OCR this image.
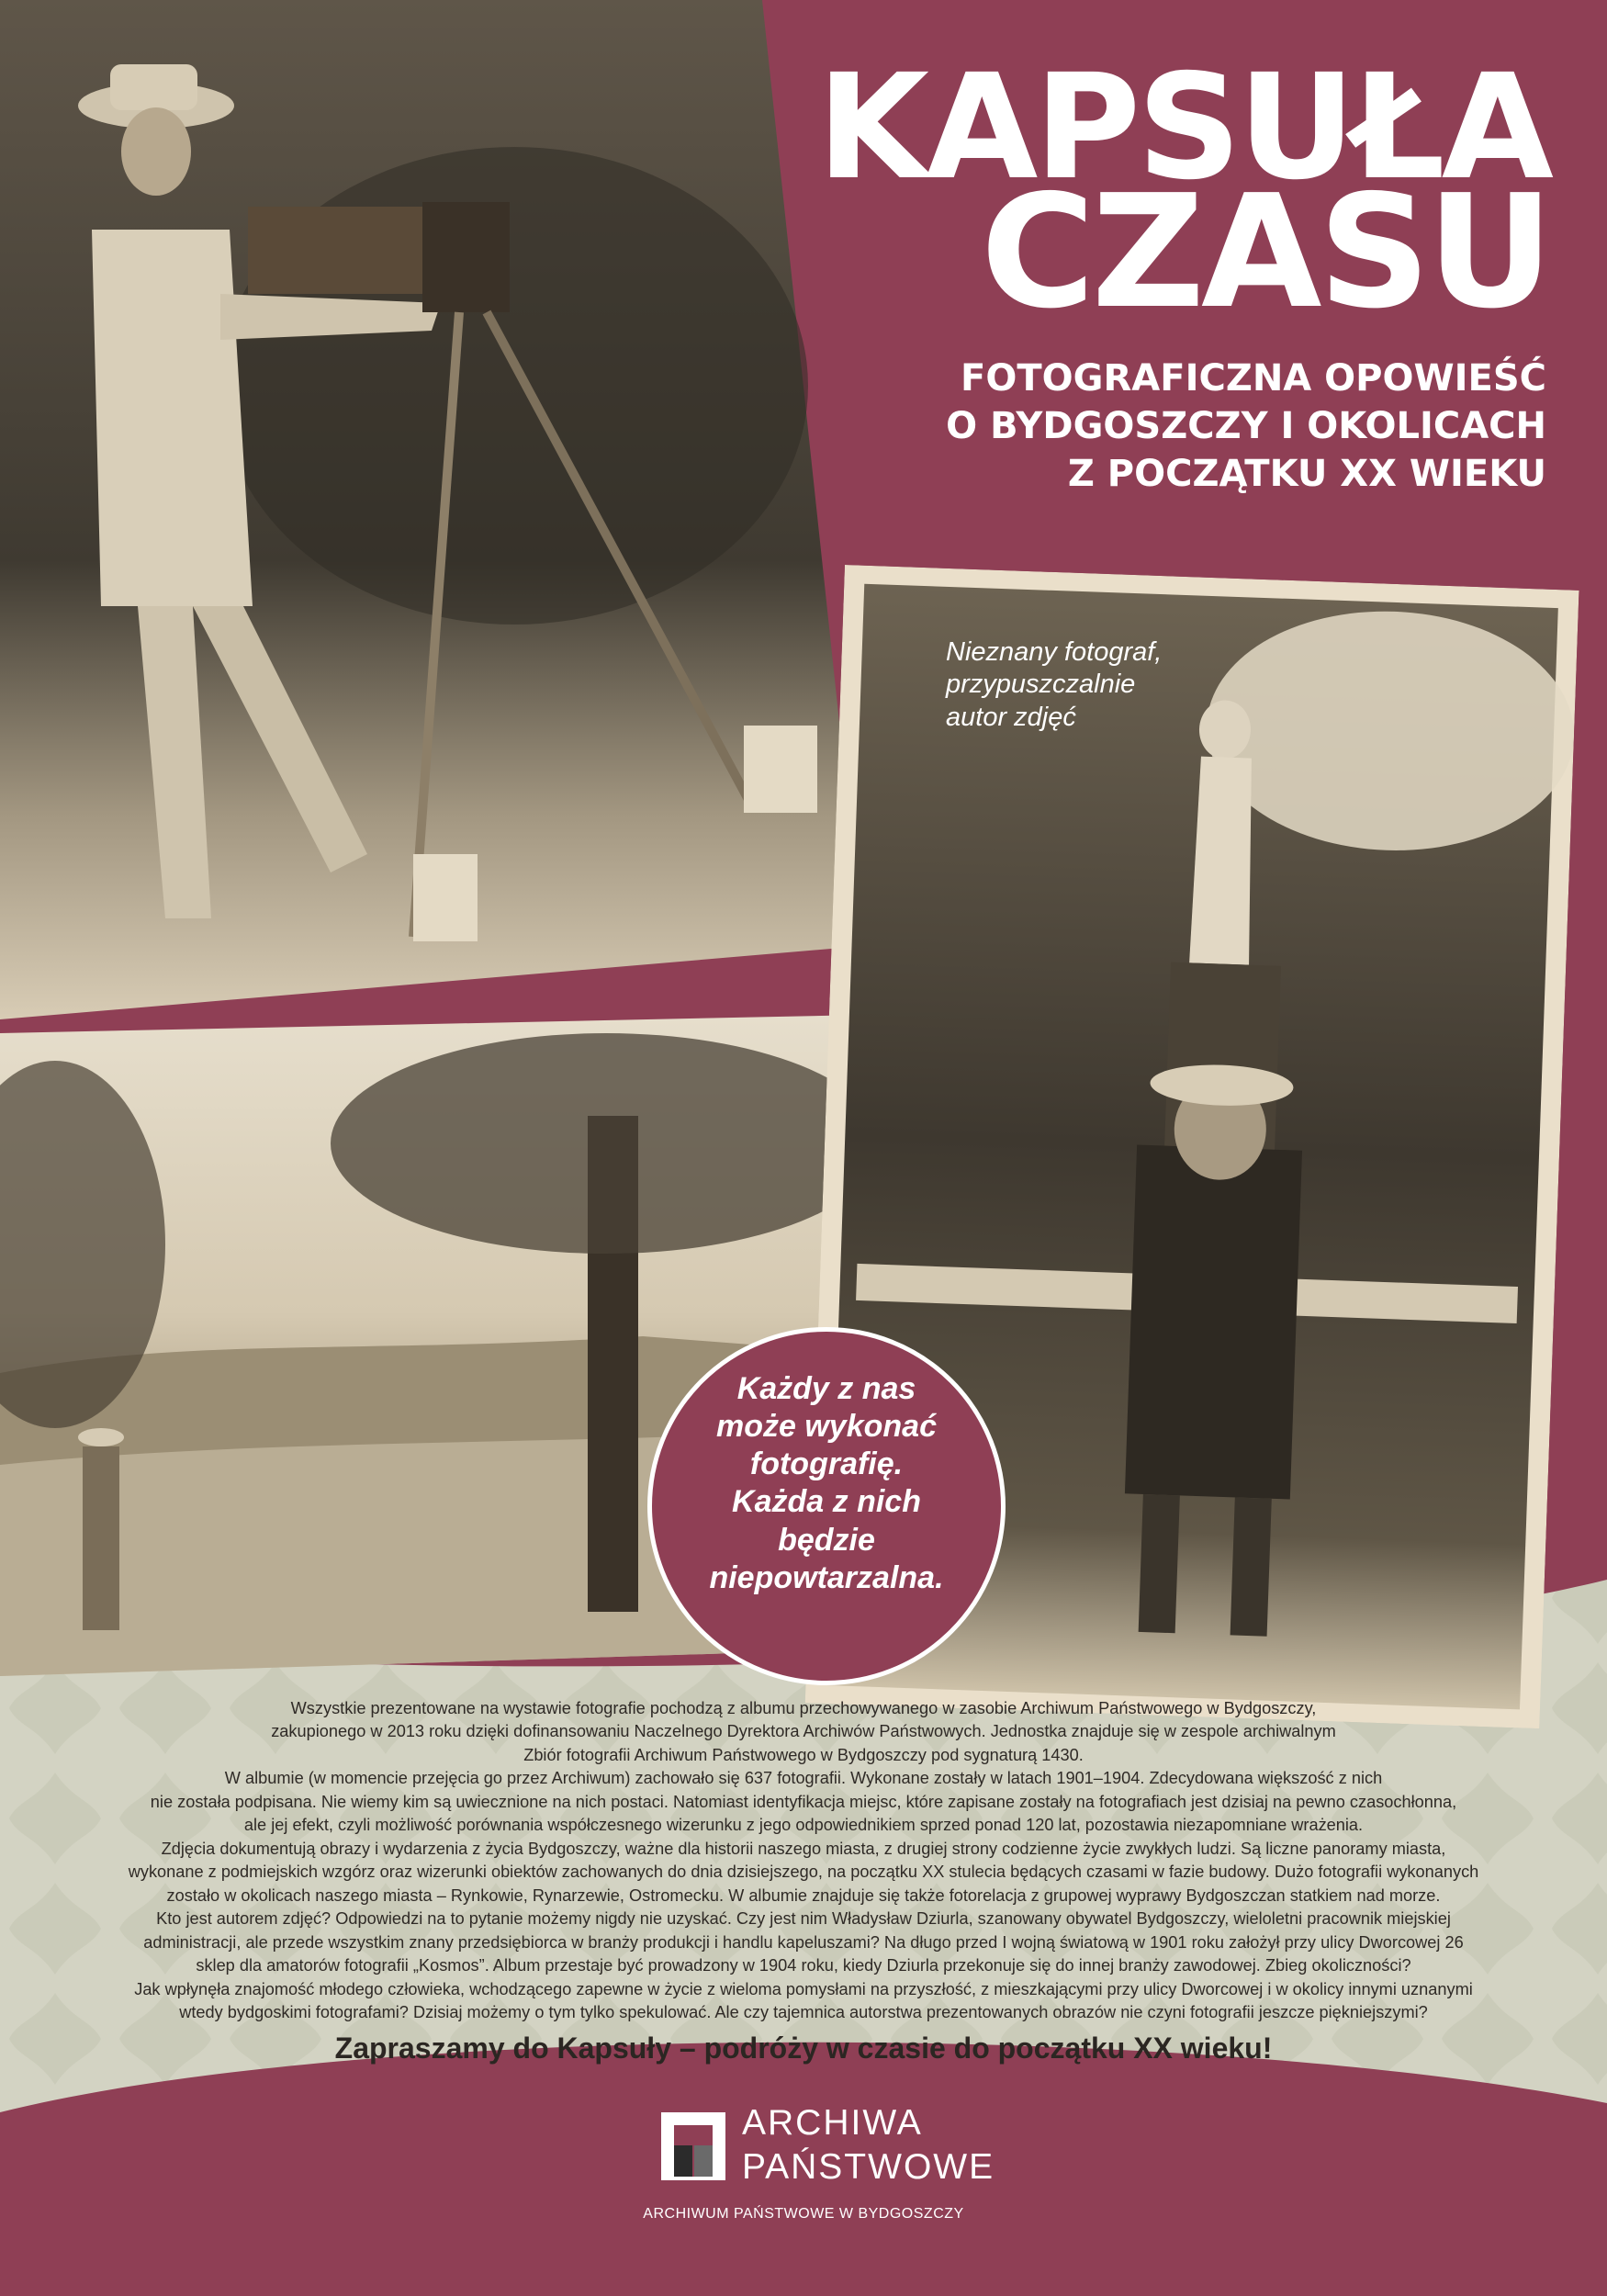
KAPSUŁA
CZASU
FOTOGRAFICZNA OPOWIEŚĆ
O BYDGOSZCZY I OKOLICACH
Z POCZĄTKU XX WIEKU
Nieznany fotograf,
przypuszczalnie
autor zdjęć
Każdy z nas
może wykonać
fotografię.
Każda z nich
będzie
niepowtarzalna.

Wszystkie prezentowane na wystawie fotografie pochodzą z albumu przechowywanego w zasobie Archiwum Państwowego w Bydgoszczy,

zakupionego w 2013 roku dzięki dofinansowaniu Naczelnego Dyrektora Archiwów Państwowych. Jednostka znajduje się w zespole archiwalnym

Zbiór fotografii Archiwum Państwowego w Bydgoszczy pod sygnaturą 1430.

W albumie (w momencie przejęcia go przez Archiwum) zachowało się 637 fotografii. Wykonane zostały w latach 1901–1904. Zdecydowana większość z nich

nie została podpisana. Nie wiemy kim są uwiecznione na nich postaci. Natomiast identyfikacja miejsc, które zapisane zostały na fotografiach jest dzisiaj na pewno czasochłonna,

ale jej efekt, czyli możliwość porównania współczesnego wizerunku z jego odpowiednikiem sprzed ponad 120 lat, pozostawia niezapomniane wrażenia.

Zdjęcia dokumentują obrazy i wydarzenia z życia Bydgoszczy, ważne dla historii naszego miasta, z drugiej strony codzienne życie zwykłych ludzi. Są liczne panoramy miasta,

wykonane z podmiejskich wzgórz oraz wizerunki obiektów zachowanych do dnia dzisiejszego, na początku XX stulecia będących czasami w fazie budowy. Dużo fotografii wykonanych

zostało w okolicach naszego miasta – Rynkowie, Rynarzewie, Ostromecku. W albumie znajduje się także fotorelacja z grupowej wyprawy Bydgoszczan statkiem nad morze.

Kto jest autorem zdjęć? Odpowiedzi na to pytanie możemy nigdy nie uzyskać. Czy jest nim Władysław Dziurla, szanowany obywatel Bydgoszczy, wieloletni pracownik miejskiej

administracji, ale przede wszystkim znany przedsiębiorca w branży produkcji i handlu kapeluszami? Na długo przed I wojną światową w 1901 roku założył przy ulicy Dworcowej 26

sklep dla amatorów fotografii „Kosmos”. Album przestaje być prowadzony w 1904 roku, kiedy Dziurla przekonuje się do innej branży zawodowej. Zbieg okoliczności?

Jak wpłynęła znajomość młodego człowieka, wchodzącego zapewne w życie z wieloma pomysłami na przyszłość, z mieszkającymi przy ulicy Dworcowej i w okolicy innymi uznanymi

wtedy bydgoskimi fotografami? Dzisiaj możemy o tym tylko spekulować. Ale czy tajemnica autorstwa prezentowanych obrazów nie czyni fotografii jeszcze piękniejszymi?

Zapraszamy do Kapsuły – podróży w czasie do początku XX wieku!
ARCHIWA
PAŃSTWOWE
ARCHIWUM PAŃSTWOWE W BYDGOSZCZY
